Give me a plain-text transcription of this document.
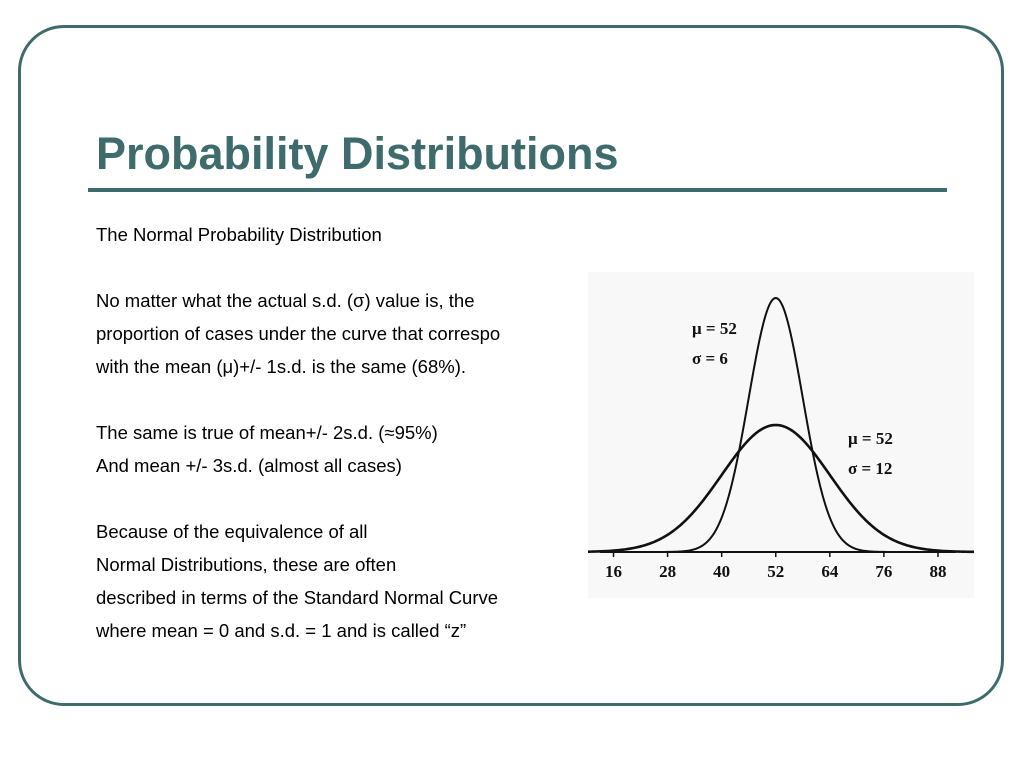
Probability Distributions
The Normal Probability Distribution
No matter what the actual s.d. (σ) value is, the
proportion of cases under the curve that correspo
with the mean (μ)+/- 1s.d. is the same (68%).
The same is true of mean+/- 2s.d. (≈95%)
And mean +/- 3s.d. (almost all cases)
Because of the equivalence of all
Normal Distributions, these are often
described in terms of the Standard Normal Curve
where mean = 0 and s.d. = 1 and is called “z”
16 28 40 52 64 76 88
μ = 52
σ = 6
μ = 52
σ = 12
